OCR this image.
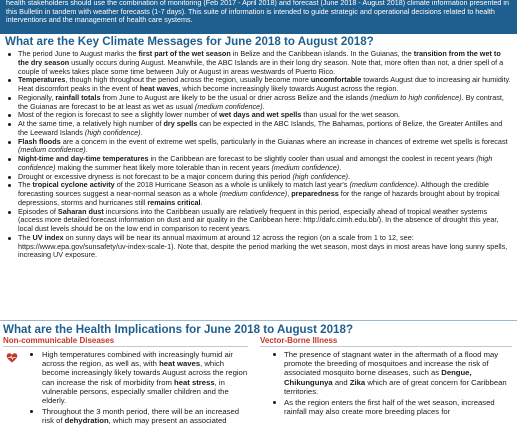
health stakeholders should use the combination of monitoring (Feb 2017 - April 2018) and forecast (June 2018 - August 2018) climate information presented in this Bulletin in tandem with weather forecasts (1-7 days). This suite of information is intended to guide strategic and operational decisions related to health interventions and the management of health care systems.

What are the Key Climate Messages for June 2018 to August 2018?
The period June to August marks the first part of the wet season in Belize and the Caribbean islands. In the Guianas, the transition from the wet to the dry season usually occurs during August. Meanwhile, the ABC Islands are in their long dry season. Note that, more often than not, a drier spell of a couple of weeks takes place some time between July or August in areas westwards of Puerto Rico.
Temperatures, though high throughout the period across the region, usually become more uncomfortable towards August due to increasing air humidity. Heat discomfort peaks in the event of heat waves, which become increasingly likely towards August across the region.
Regionally, rainfall totals from June to August are likely to be the usual or drier across Belize and the islands (medium to high confidence). By contrast, the Guianas are forecast to be at least as wet as usual (medium confidence).
Most of the region is forecast to see a slightly lower number of wet days and wet spells than usual for the wet season.
At the same time, a relatively high number of dry spells can be expected in the ABC Islands, The Bahamas, portions of Belize, the Greater Antilles and the Leeward Islands (high confidence).
Flash floods are a concern in the event of extreme wet spells, particularly in the Guianas where an increase in chances of extreme wet spells is forecast (medium confidence).
Night-time and day-time temperatures in the Caribbean are forecast to be slightly cooler than usual and amongst the coolest in recent years (high confidence) making the summer heat likely more tolerable than in recent years (medium confidence).
Drought or excessive dryness is not forecast to be a major concern during this period (high confidence).
The tropical cyclone activity of the 2018 Hurricane Season as a whole is unlikely to match last year's (medium confidence). Although the credible forecasting sources suggest a near-normal season as a whole (medium confidence), preparedness for the range of hazards brought about by tropical depressions, storms and hurricanes still remains critical.
Episodes of Saharan dust incursions into the Caribbean usually are relatively frequent in this period, especially ahead of tropical weather systems (access more detailed forecast information on dust and air quality in the Caribbean here: http://dafc.cimh.edu.bb/). In the absence of drought this year, local dust levels should be on the low end in comparison to recent years.
The UV index on sunny days will be near its annual maximum at around 12 across the region (on a scale from 1 to 12, see: https://www.epa.gov/sunsafety/uv-index-scale-1). Note that, despite the period marking the wet season, most days in most areas have long sunny spells, increasing UV exposure.
What are the Health Implications for June 2018 to August 2018?
Non-communicable Diseases
High temperatures combined with increasingly humid air across the region, as well as, with heat waves, which become increasingly likely towards August across the region can increase the risk of morbidity from heat stress, in vulnerable persons, especially smaller children and the elderly.
Throughout the 3 month period, there will be an increased risk of dehydration, which may present an associated
Vector-Borne Illness
The presence of stagnant water in the aftermath of a flood may promote the breeding of mosquitoes and increase the risk of associated mosquito borne diseases, such as Dengue, Chikungunya and Zika which are of great concern for Caribbean territories.
As the region enters the first half of the wet season, increased rainfall may also create more breeding places for
